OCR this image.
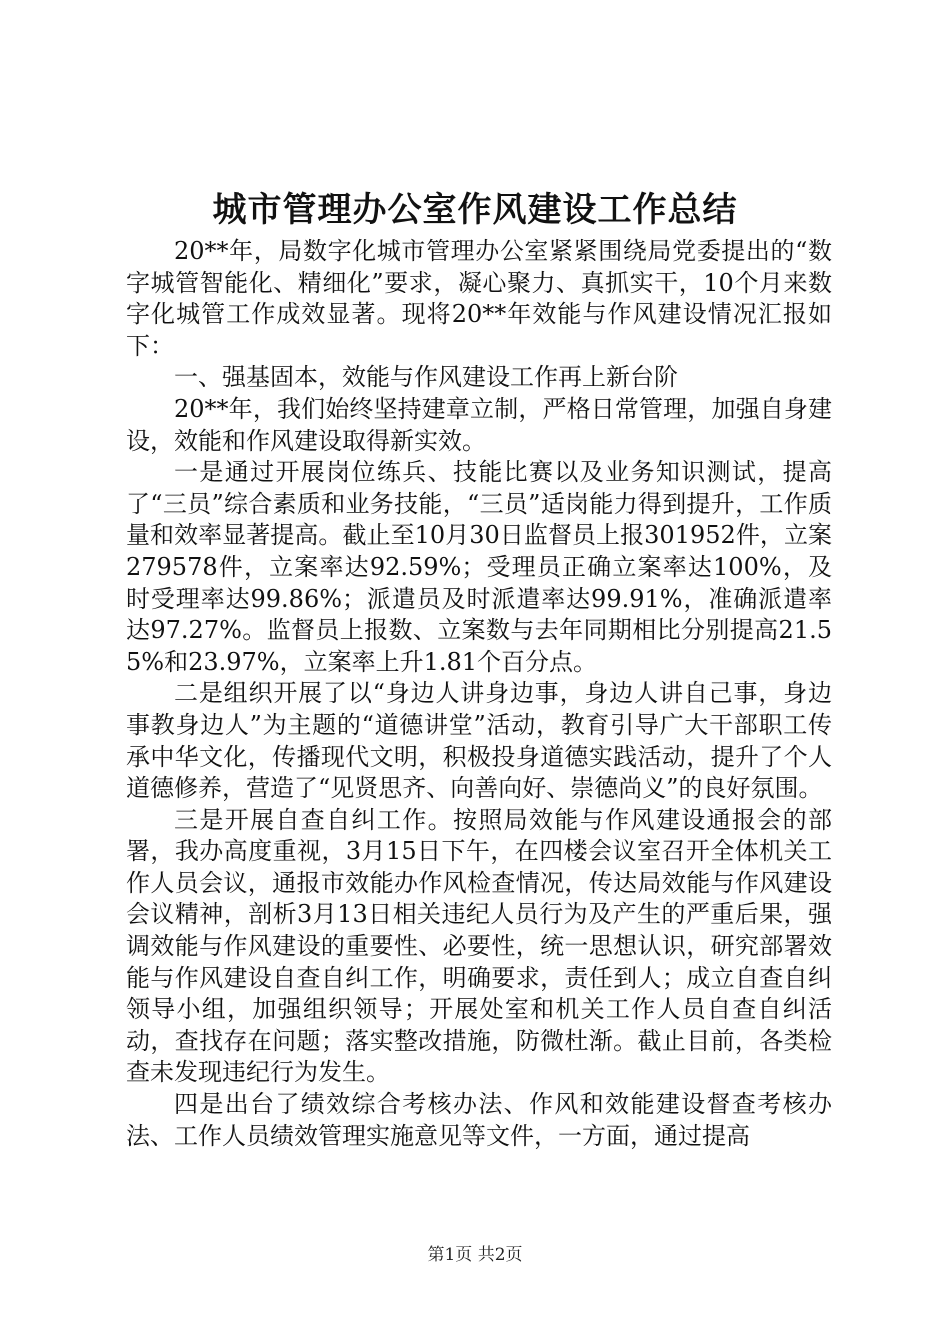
城市管理办公室作风建设工作总结

20**年，局数字化城市管理办公室紧紧围绕局党委提出的“数字城管智能化、精细化”要求，凝心聚力、真抓实干，10个月来数字化城管工作成效显著。现将20**年效能与作风建设情况汇报如下：

一、强基固本，效能与作风建设工作再上新台阶

20**年，我们始终坚持建章立制，严格日常管理，加强自身建设，效能和作风建设取得新实效。

一是通过开展岗位练兵、技能比赛以及业务知识测试，提高了“三员”综合素质和业务技能，“三员”适岗能力得到提升，工作质量和效率显著提高。截止至10月30日监督员上报301952件，立案279578件，立案率达92.59%；受理员正确立案率达100%，及时受理率达99.86%；派遣员及时派遣率达99.91%，准确派遣率达97.27%。监督员上报数、立案数与去年同期相比分别提高21.55%和23.97%，立案率上升1.81个百分点。

二是组织开展了以“身边人讲身边事，身边人讲自己事，身边事教身边人”为主题的“道德讲堂”活动，教育引导广大干部职工传承中华文化，传播现代文明，积极投身道德实践活动，提升了个人道德修养，营造了“见贤思齐、向善向好、崇德尚义”的良好氛围。

三是开展自查自纠工作。按照局效能与作风建设通报会的部署，我办高度重视，3月15日下午，在四楼会议室召开全体机关工作人员会议，通报市效能办作风检查情况，传达局效能与作风建设会议精神，剖析3月13日相关违纪人员行为及产生的严重后果，强调效能与作风建设的重要性、必要性，统一思想认识，研究部署效能与作风建设自查自纠工作，明确要求，责任到人；成立自查自纠领导小组，加强组织领导；开展处室和机关工作人员自查自纠活动，查找存在问题；落实整改措施，防微杜渐。截止目前，各类检查未发现违纪行为发生。

四是出台了绩效综合考核办法、作风和效能建设督查考核办法、工作人员绩效管理实施意见等文件，一方面，通过提高

第1页 共2页
